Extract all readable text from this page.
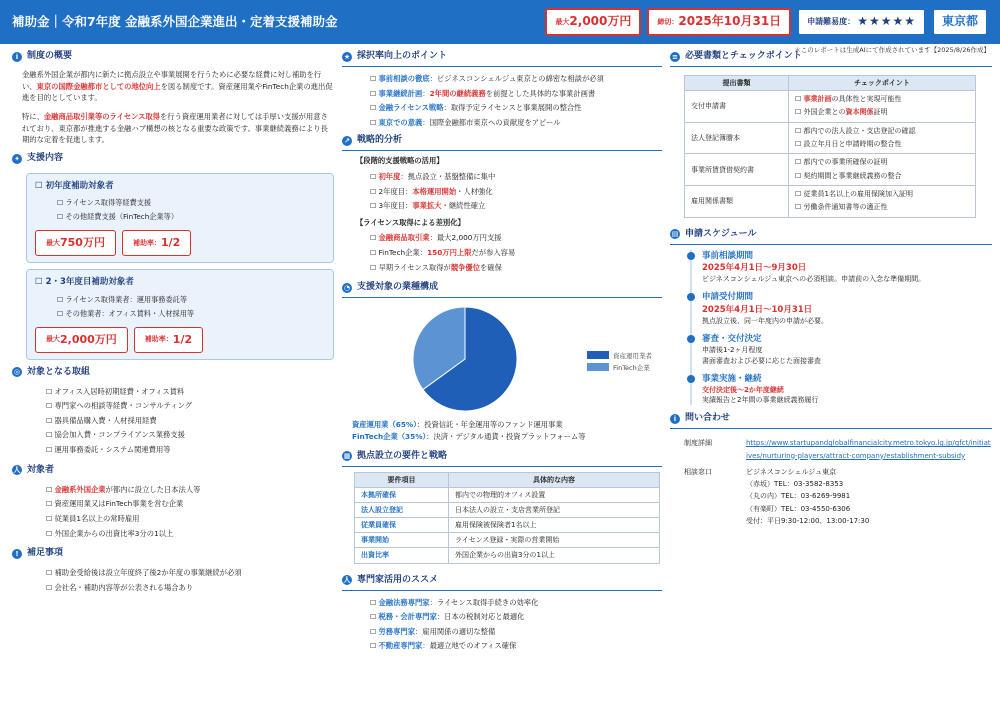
補助金｜令和7年度 金融系外国企業進出・定着支援補助金	最大 2,000万円	締切： 2025年10月31日	申請難易度： ★★★★★	東京都
＊このレポートは生成AIにて作成されています【2025/8/26作成】
i 制度の概要
金融系外国企業が都内に新たに拠点設立や事業展開を行うために必要な経費に対し補助を行い、東京の国際金融都市としての地位向上を図る制度です。資産運用業やFinTech企業の進出促進を目的としています。
特に、金融商品取引業等のライセンス取得を行う資産運用業者に対しては手厚い支援が用意されており、東京都が推進する金融ハブ構想の核となる重要な政策です。事業継続義務により長期的な定着を促進します。
✦ 支援内容
☐ 初年度補助対象者
☐ ライセンス取得等経費支援
☐ その他経費支援（FinTech企業等）
最大 750万円	補助率： 1/2
☐ 2・3年度目補助対象者
☐ ライセンス取得業者：運用事務委託等
☐ その他業者：オフィス賃料・人材採用等
最大 2,000万円	補助率： 1/2
◎ 対象となる取組
☐ オフィス入居時初期経費・オフィス賃料
☐ 専門家への相談等経費・コンサルティング
☐ 器具備品購入費・人材採用経費
☐ 協会加入費・コンプライアンス業務支援
☐ 運用事務委託・システム関連費用等
人 対象者
☐ 金融系外国企業が都内に設立した日本法人等
☐ 資産運用業又はFinTech事業を営む企業
☐ 従業員1名以上の常時雇用
☐ 外国企業からの出資比率3分の1以上
! 補足事項
☐ 補助金受給後は設立年度終了後2か年度の事業継続が必須
☐ 会社名・補助内容等が公表される場合あり
★ 採択率向上のポイント
☐ 事前相談の徹底：ビジネスコンシェルジュ東京との綿密な相談が必須
☐ 事業継続計画：2年間の継続義務を前提とした具体的な事業計画書
☐ 金融ライセンス戦略：取得予定ライセンスと事業展開の整合性
☐ 東京での意義：国際金融都市東京への貢献度をアピール
↗ 戦略的分析
【段階的支援戦略の活用】
☐ 初年度：拠点設立・基盤整備に集中
☐ 2年度目：本格運用開始・人材強化
☐ 3年度目：事業拡大・継続性確立
【ライセンス取得による差別化】
☐ 金融商品取引業：最大2,000万円支援
☐ FinTech企業：150万円上限だが参入容易
☐ 早期ライセンス取得が競争優位を確保
◔ 支援対象の業種構成
資産運用業者
FinTech企業
資産運用業（65%）：投資信託・年金運用等のファンド運用事業
FinTech企業（35%）：決済・デジタル通貨・投資プラットフォーム等
▦ 拠点設立の要件と戦略
要件項目	具体的な内容
本拠所確保	都内での物理的オフィス設置
法人設立登記	日本法人の設立・支店営業所登記
従業員確保	雇用保険被保険者1名以上
事業開始	ライセンス登録・実際の営業開始
出資比率	外国企業からの出資3分の1以上
人 専門家活用のススメ
☐ 金融法務専門家：ライセンス取得手続きの効率化
☐ 税務・会計専門家：日本の税制対応と最適化
☐ 労務専門家：雇用関係の適切な整備
☐ 不動産専門家：最適立地でのオフィス確保
≡ 必要書類とチェックポイント
提出書類	チェックポイント
交付申請書	☐ 事業計画の具体性と実現可能性
☐ 外国企業との資本関係証明

法人登記簿謄本	☐ 都内での法人設立・支店登記の確認
☐ 設立年月日と申請時期の整合性

事業所賃貸借契約書	☐ 都内での事業所確保の証明
☐ 契約期間と事業継続義務の整合

雇用関係書類	☐ 従業員1名以上の雇用保険加入証明
☐ 労働条件通知書等の適正性
▤ 申請スケジュール
事前相談期間
2025年4月1日〜9月30日
ビジネスコンシェルジュ東京への必須相談。申請前の入念な準備期間。
申請受付期間
2025年4月1日〜10月31日
拠点設立後、同一年度内の申請が必要。
審査・交付決定
申請後1-2ヶ月程度
書面審査および必要に応じた面接審査
事業実施・継続
交付決定後〜2か年度継続
実績報告と2年間の事業継続義務履行
i 問い合わせ
制度詳細	https://www.startupandglobalfinancialcity.metro.tokyo.lg.jp/gfct/initiatives/nurturing-players/attract-company/establishment-subsidy
相談窓口	ビジネスコンシェルジュ東京
（赤坂）TEL：03-3582-8353
（丸の内）TEL：03-6269-9981
（有楽町）TEL：03-4550-6306
受付：平日9:30-12:00、13:00-17:30
